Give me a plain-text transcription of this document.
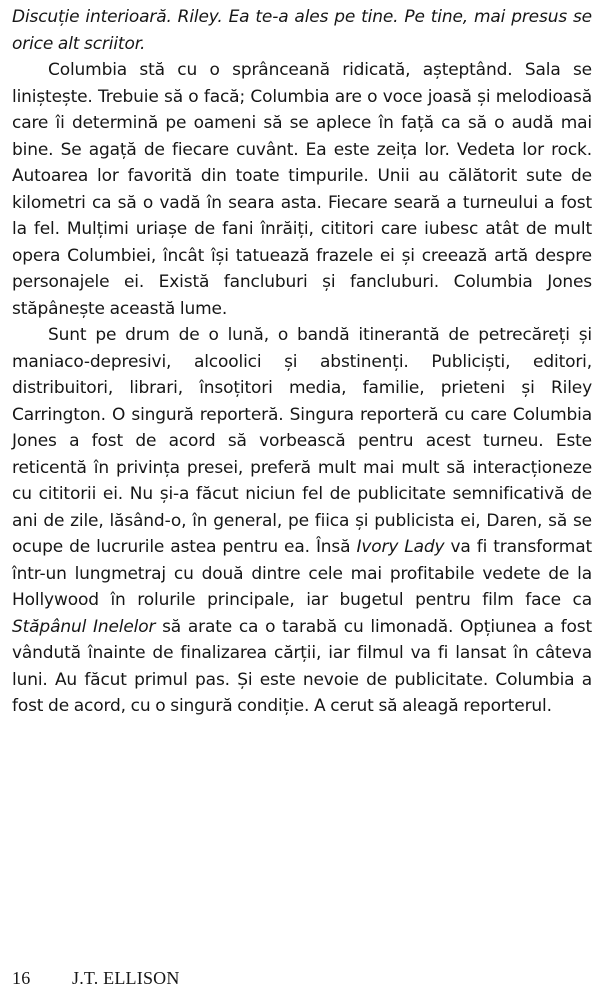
Discuție interioară. Riley. Ea te-a ales pe tine. Pe tine, mai presus se orice alt scriitor.

Columbia stă cu o sprânceană ridicată, așteptând. Sala se liniștește. Trebuie să o facă; Columbia are o voce joasă și melodioasă care îi determină pe oameni să se aplece în față ca să o audă mai bine. Se agață de fiecare cuvânt. Ea este zeița lor. Vedeta lor rock. Autoarea lor favorită din toate timpurile. Unii au călătorit sute de kilometri ca să o vadă în seara asta. Fiecare seară a turneului a fost la fel. Mulțimi uriașe de fani înrăiți, cititori care iubesc atât de mult opera Columbiei, încât își tatuează frazele ei și creează artă despre personajele ei. Există fancluburi și fancluburi. Columbia Jones stăpânește această lume.

Sunt pe drum de o lună, o bandă itinerantă de petrecăreți și maniaco-depresivi, alcoolici și abstinenți. Publiciști, editori, distribuitori, librari, însoțitori media, familie, prieteni și Riley Carrington. O singură reporteră. Singura reporteră cu care Columbia Jones a fost de acord să vorbească pentru acest turneu. Este reticentă în privința presei, preferă mult mai mult să interacționeze cu cititorii ei. Nu și-a făcut niciun fel de publicitate semnificativă de ani de zile, lăsând-o, în general, pe fiica și publicista ei, Daren, să se ocupe de lucrurile astea pentru ea. Însă Ivory Lady va fi transformat într-un lungmetraj cu două dintre cele mai profitabile vedete de la Hollywood în rolurile principale, iar bugetul pentru film face ca Stăpânul Inelelor să arate ca o tarabă cu limonadă. Opțiunea a fost vândută înainte de finalizarea cărții, iar filmul va fi lansat în câteva luni. Au făcut primul pas. Și este nevoie de publicitate. Columbia a fost de acord, cu o singură condiție. A cerut să aleagă reporterul.

16 J.T. ELLISON
